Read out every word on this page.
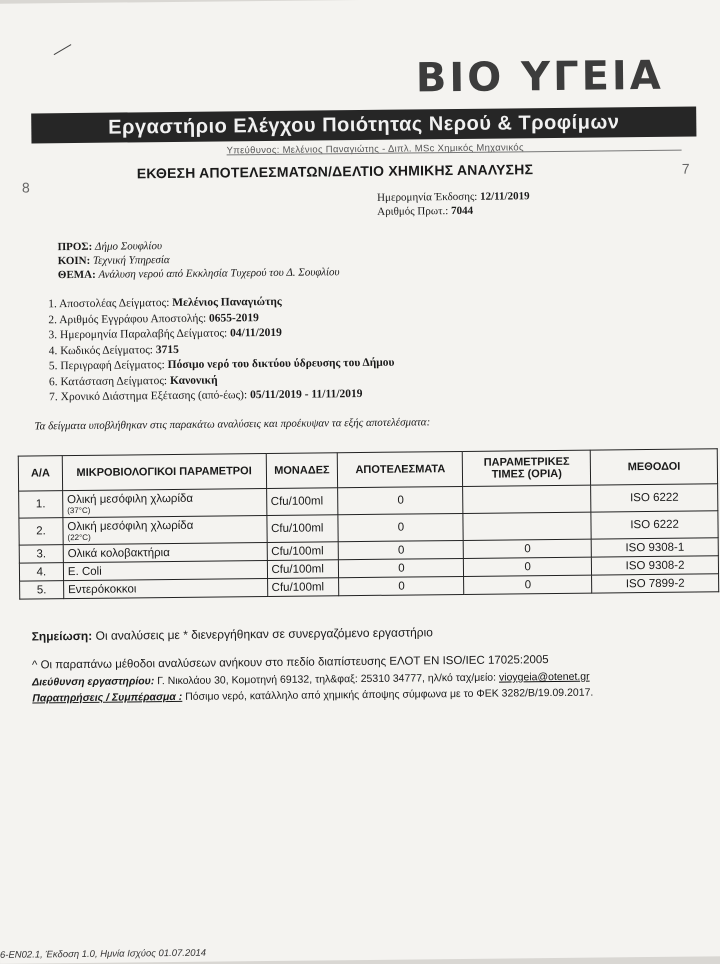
ΒΙΟ ΥΓΕΙΑ
Εργαστήριο Ελέγχου Ποιότητας Νερού & Τροφίμων
Υπεύθυνος: Μελένιος Παναγιώτης - Διπλ. MSc Χημικός Μηχανικός
8
7
ΕΚΘΕΣΗ ΑΠΟΤΕΛΕΣΜΑΤΩΝ/ΔΕΛΤΙΟ ΧΗΜΙΚΗΣ ΑΝΑΛΥΣΗΣ
Ημερομηνία Έκδοσης: 12/11/2019
Αριθμός Πρωτ.: 7044
ΠΡΟΣ: Δήμο Σουφλίου
ΚΟΙΝ: Τεχνική Υπηρεσία
ΘΕΜΑ: Ανάλυση νερού από Εκκλησία Τυχερού του Δ. Σουφλίου
1. Αποστολέας Δείγματος: Μελένιος Παναγιώτης
2. Αριθμός Εγγράφου Αποστολής: 0655-2019
3. Ημερομηνία Παραλαβής Δείγματος: 04/11/2019
4. Κωδικός Δείγματος: 3715
5. Περιγραφή Δείγματος: Πόσιμο νερό του δικτύου ύδρευσης του Δήμου
6. Κατάσταση Δείγματος: Κανονική
7. Χρονικό Διάστημα Εξέτασης (από-έως): 05/11/2019 - 11/11/2019
Τα δείγματα υποβλήθηκαν στις παρακάτω αναλύσεις και προέκυψαν τα εξής αποτελέσματα:
Α/Α	ΜΙΚΡΟΒΙΟΛΟΓΙΚΟΙ ΠΑΡΑΜΕΤΡΟΙ	ΜΟΝΑΔΕΣ	ΑΠΟΤΕΛΕΣΜΑΤΑ	ΠΑΡΑΜΕΤΡΙΚΕΣ ΤΙΜΕΣ (ΟΡΙΑ)	ΜΕΘΟΔΟΙ
1.	Ολική μεσόφιλη χλωρίδα
(37°C)	Cfu/100ml	0		ISO 6222
2.	Ολική μεσόφιλη χλωρίδα
(22°C)	Cfu/100ml	0		ISO 6222
3.	Ολικά κολοβακτήρια	Cfu/100ml	0	0	ISO 9308-1
4.	E. Coli	Cfu/100ml	0	0	ISO 9308-2
5.	Εντερόκοκκοι	Cfu/100ml	0	0	ISO 7899-2
Σημείωση: Οι αναλύσεις με * διενεργήθηκαν σε συνεργαζόμενο εργαστήριο
^ Οι παραπάνω μέθοδοι αναλύσεων ανήκουν στο πεδίο διαπίστευσης ΕΛΟΤ ΕΝ ISO/IEC 17025:2005
Διεύθυνση εργαστηρίου: Γ. Νικολάου 30, Κομοτηνή 69132, τηλ&φαξ: 25310 34777, ηλ/κό ταχ/μείο: vioygeia@otenet.gr
Παρατηρήσεις / Συμπέρασμα : Πόσιμο νερό, κατάλληλο από χημικής άποψης σύμφωνα με το ΦΕΚ 3282/Β/19.09.2017.
6-ΕΝ02.1, Έκδοση 1.0, Ημνία Ισχύος 01.07.2014
